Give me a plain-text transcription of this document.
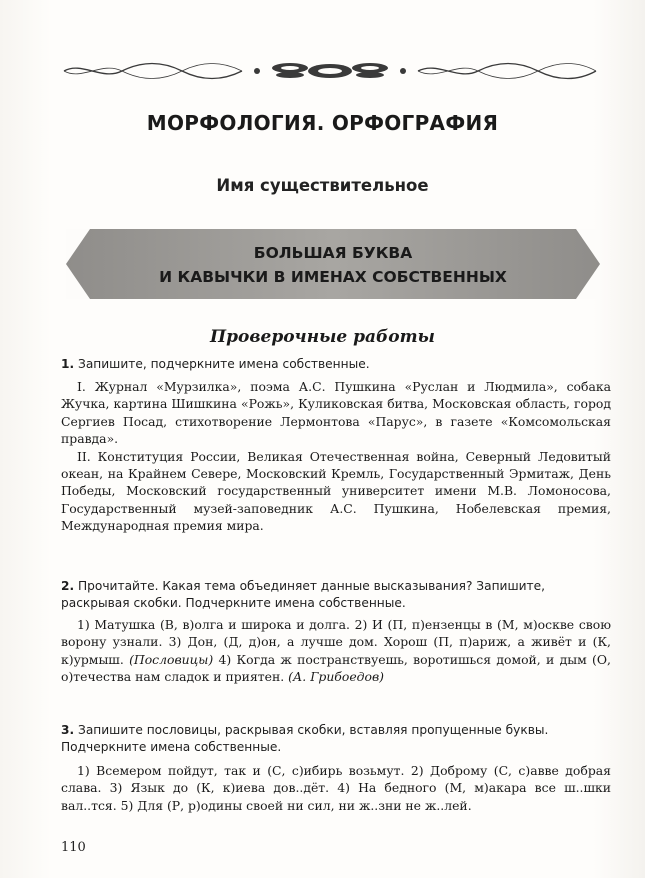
МОРФОЛОГИЯ. ОРФОГРАФИЯ
Имя существительное
БОЛЬШАЯ БУКВА
И КАВЫЧКИ В ИМЕНАХ СОБСТВЕННЫХ
Проверочные работы
1. Запишите, подчеркните имена собственные.

I. Журнал «Мурзилка», поэма А.С. Пушкина «Руслан и Людмила», собака Жучка, картина Шишкина «Рожь», Куликовская битва, Московская область, город Сергиев Посад, стихотворение Лермонтова «Парус», в газете «Комсомольская правда».

II. Конституция России, Великая Отечественная война, Северный Ледовитый океан, на Крайнем Севере, Московский Кремль, Государственный Эрмитаж, День Победы, Московский государственный университет имени М.В. Ломоносова, Государственный музей-заповедник А.С. Пушкина, Нобелевская премия, Международная премия мира.

2. Прочитайте. Какая тема объединяет данные высказывания? Запишите, раскрывая скобки. Подчеркните имена собственные.

1) Матушка (В, в)олга и широка и долга. 2) И (П, п)ензенцы в (М, м)оскве свою ворону узнали. 3) Дон, (Д, д)он, а лучше дом. Хорош (П, п)ариж, а живёт и (К, к)урмыш. (Пословицы) 4) Когда ж постранствуешь, воротишься домой, и дым (О, о)течества нам сладок и приятен. (А. Грибоедов)

3. Запишите пословицы, раскрывая скобки, вставляя пропущенные буквы. Подчеркните имена собственные.

1) Всемером пойдут, так и (С, с)ибирь возьмут. 2) Доброму (С, с)авве добрая слава. 3) Язык до (К, к)иева дов..дёт. 4) На бедного (М, м)акара все ш..шки вал..тся. 5) Для (Р, р)одины своей ни сил, ни ж..зни не ж..лей.

110
